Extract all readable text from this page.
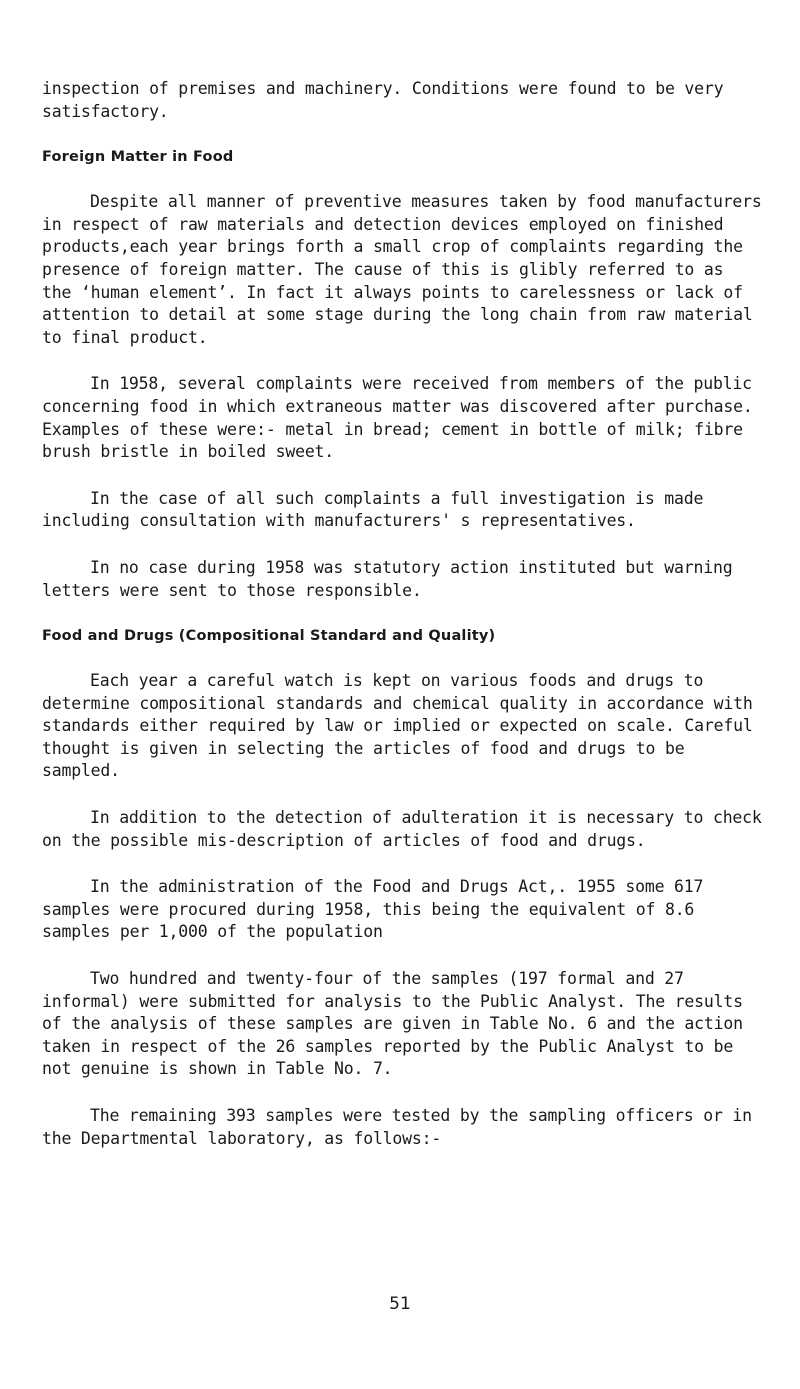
inspection of premises and machinery. Conditions were found to be very satisfactory.

Foreign Matter in Food

Despite all manner of preventive measures taken by food manufacturers in respect of raw materials and detection devices employed on finished products,each year brings forth a small crop of complaints regarding the presence of foreign matter. The cause of this is glibly referred to as the ‘human element’. In fact it always points to carelessness or lack of attention to detail at some stage during the long chain from raw material to final product.

In 1958, several complaints were received from members of the public concerning food in which extraneous matter was discovered after purchase. Examples of these were:- metal in bread; cement in bottle of milk; fibre brush bristle in boiled sweet.

In the case of all such complaints a full investigation is made including consultation with manufacturers' s representatives.

In no case during 1958 was statutory action instituted but warning letters were sent to those responsible.

Food and Drugs (Compositional Standard and Quality)

Each year a careful watch is kept on various foods and drugs to determine compositional standards and chemical quality in accordance with standards either required by law or implied or expected on scale. Careful thought is given in selecting the articles of food and drugs to be sampled.

In addition to the detection of adulteration it is necessary to check on the possible mis-description of articles of food and drugs.

In the administration of the Food and Drugs Act,. 1955 some 617 samples were procured during 1958, this being the equivalent of 8.6 samples per 1,000 of the population

Two hundred and twenty-four of the samples (197 formal and 27 informal) were submitted for analysis to the Public Analyst. The results of the analysis of these samples are given in Table No. 6 and the action taken in respect of the 26 samples reported by the Public Analyst to be not genuine is shown in Table No. 7.

The remaining 393 samples were tested by the sampling officers or in the Departmental laboratory, as follows:-

51
